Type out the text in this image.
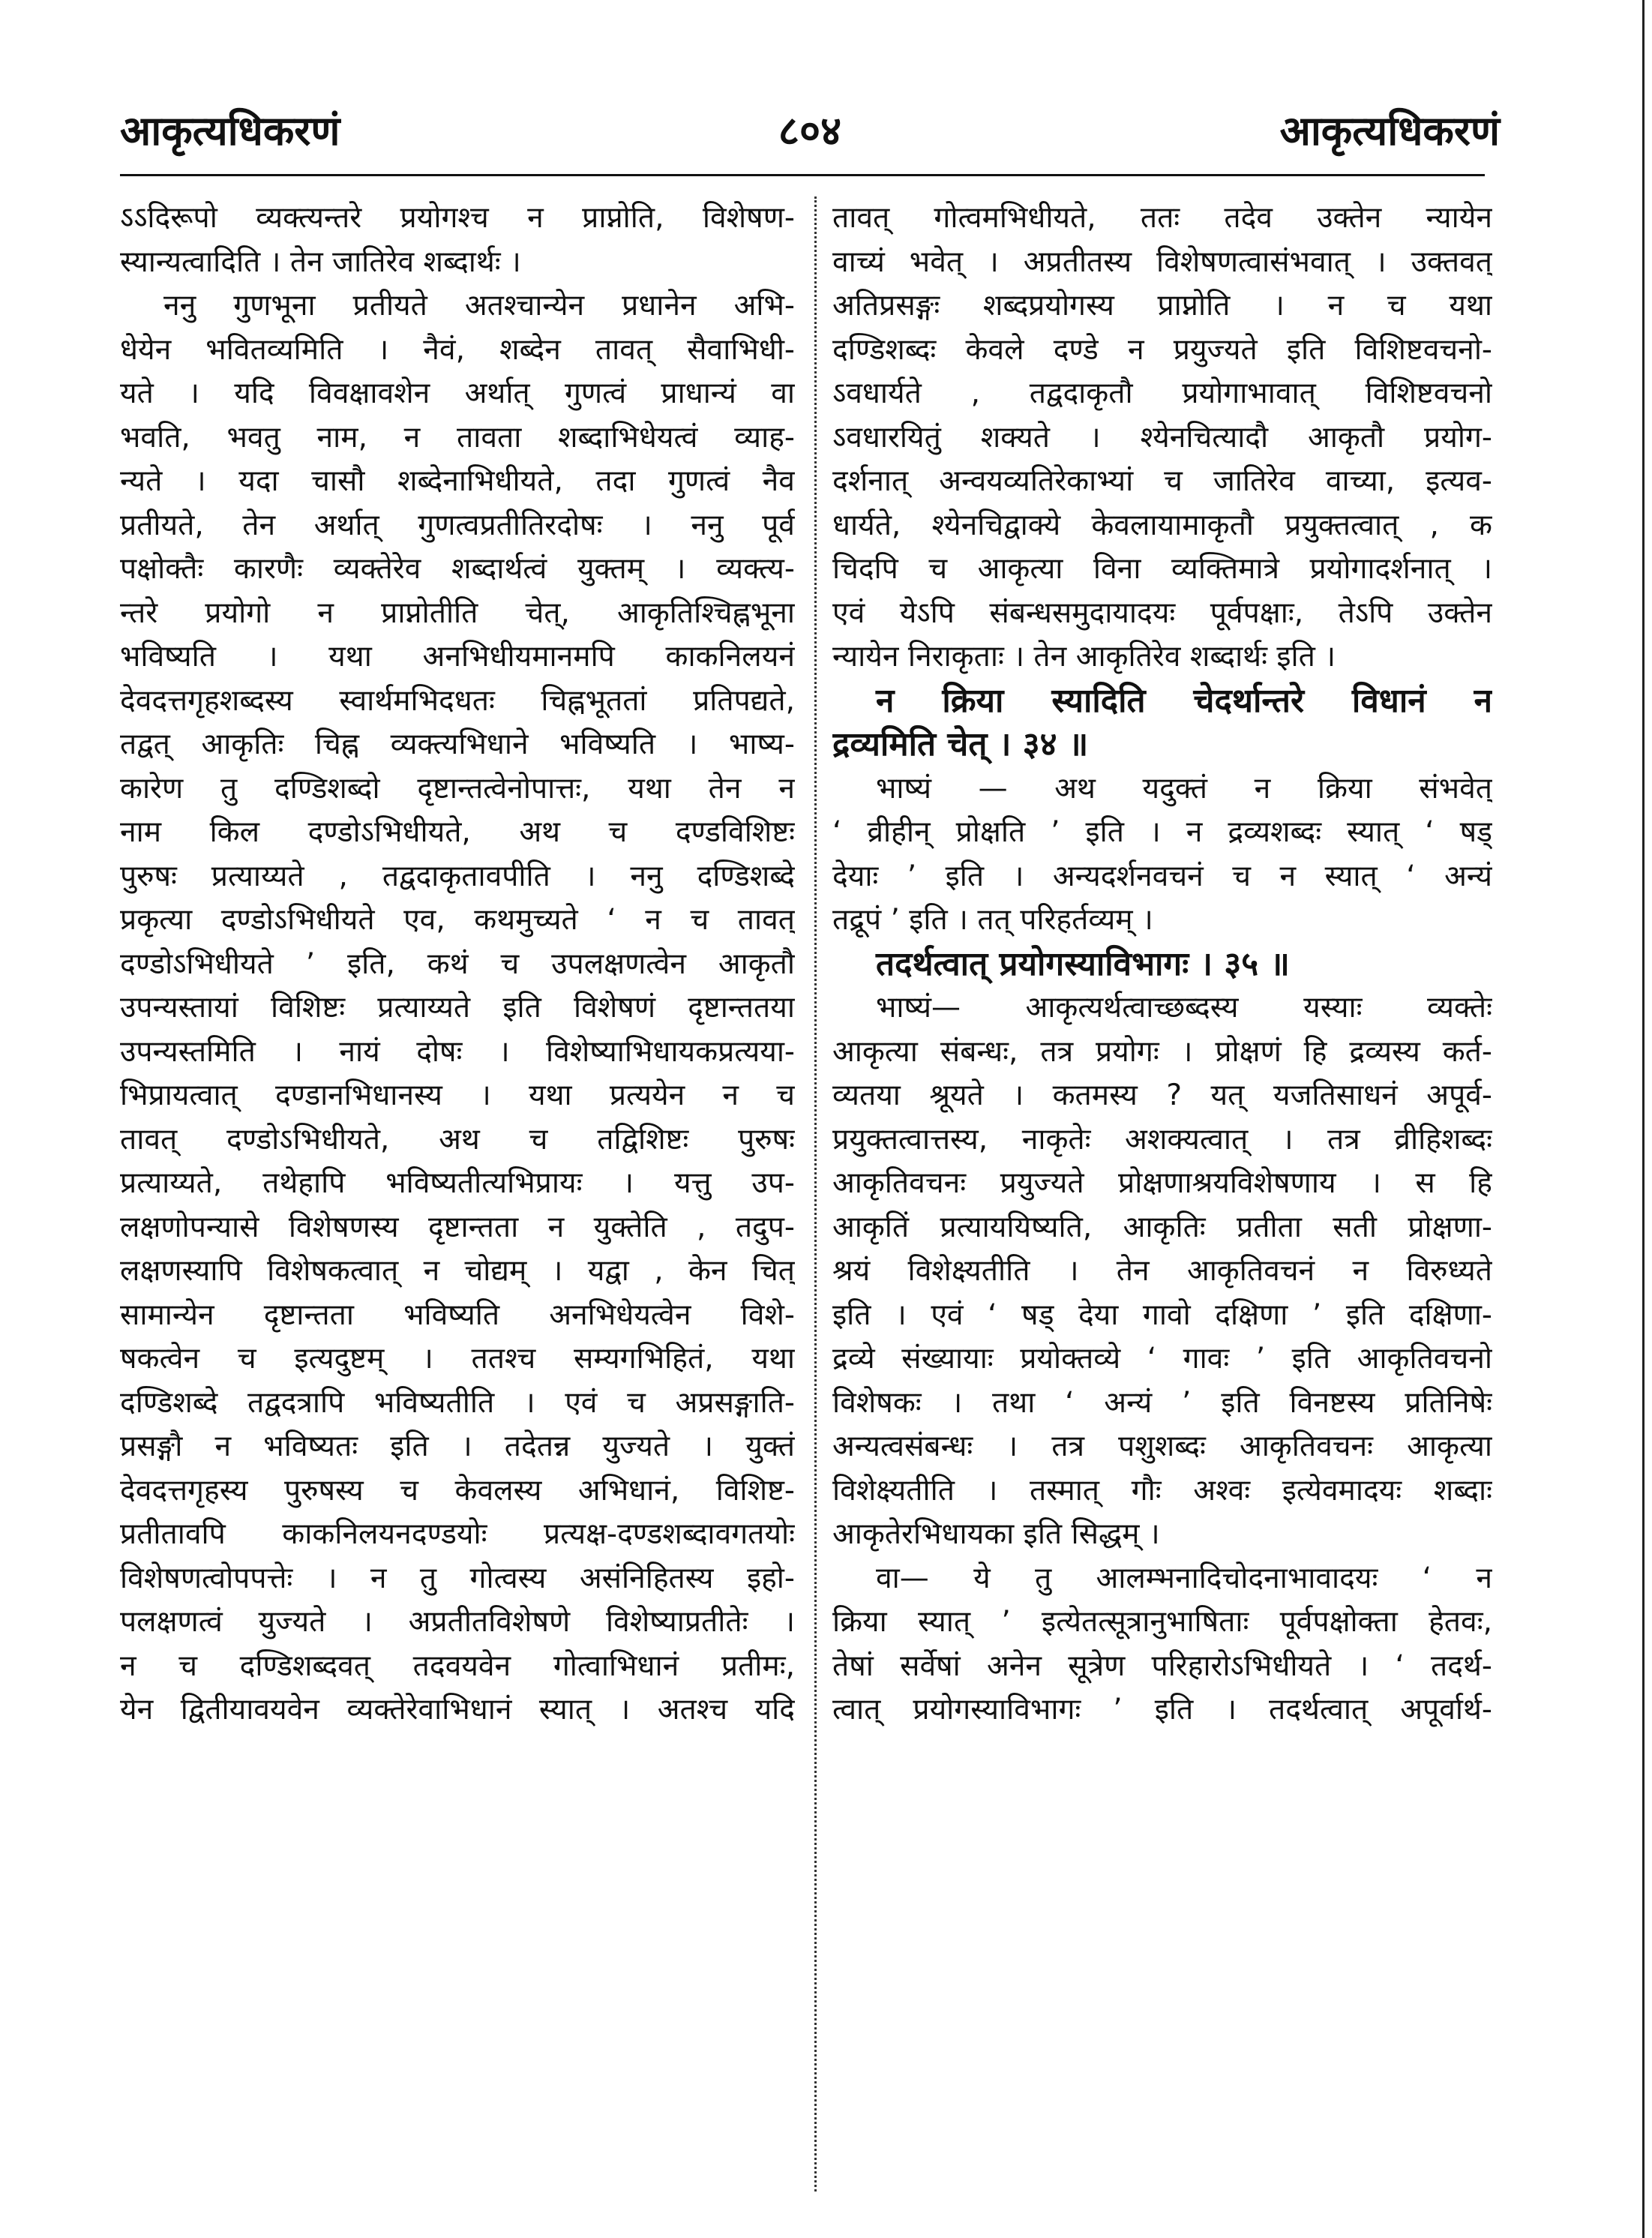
आकृत्यधिकरणं	८०४	आकृत्यधिकरणं
ऽऽदिरूपो व्यक्त्यन्तरे प्रयोगश्च न प्राप्नोति, विशेषण-
स्यान्यत्वादिति । तेन जातिरेव शब्दार्थः ।
ननु गुणभूना प्रतीयते अतश्चान्येन प्रधानेन अभि-
धेयेन भवितव्यमिति । नैवं, शब्देन तावत् सैवाभिधी-
यते । यदि विवक्षावशेन अर्थात् गुणत्वं प्राधान्यं वा
भवति, भवतु नाम, न तावता शब्दाभिधेयत्वं व्याह-
न्यते । यदा चासौ शब्देनाभिधीयते, तदा गुणत्वं नैव
प्रतीयते, तेन अर्थात् गुणत्वप्रतीतिरदोषः । ननु पूर्व
पक्षोक्तैः कारणैः व्यक्तेरेव शब्दार्थत्वं युक्तम् । व्यक्त्य-
न्तरे प्रयोगो न प्राप्नोतीति चेत्, आकृतिश्चिह्नभूना
भविष्यति । यथा अनभिधीयमानमपि काकनिलयनं
देवदत्तगृहशब्दस्य स्वार्थमभिदधतः चिह्नभूततां प्रतिपद्यते,
तद्वत् आकृतिः चिह्न व्यक्त्यभिधाने भविष्यति । भाष्य-
कारेण तु दण्डिशब्दो दृष्टान्तत्वेनोपात्तः, यथा तेन न
नाम किल दण्डोऽभिधीयते, अथ च दण्डविशिष्टः
पुरुषः प्रत्याय्यते , तद्वदाकृतावपीति । ननु दण्डिशब्दे
प्रकृत्या दण्डोऽभिधीयते एव, कथमुच्यते ‘ न च तावत्
दण्डोऽभिधीयते ’ इति, कथं च उपलक्षणत्वेन आकृतौ
उपन्यस्तायां विशिष्टः प्रत्याय्यते इति विशेषणं दृष्टान्ततया
उपन्यस्तमिति । नायं दोषः । विशेष्याभिधायकप्रत्यया-
भिप्रायत्वात् दण्डानभिधानस्य । यथा प्रत्ययेन न च
तावत् दण्डोऽभिधीयते, अथ च तद्विशिष्टः पुरुषः
प्रत्याय्यते, तथेहापि भविष्यतीत्यभिप्रायः । यत्तु उप-
लक्षणोपन्यासे विशेषणस्य दृष्टान्तता न युक्तेति , तदुप-
लक्षणस्यापि विशेषकत्वात् न चोद्यम् । यद्वा , केन चित्
सामान्येन दृष्टान्तता भविष्यति अनभिधेयत्वेन विशे-
षकत्वेन च इत्यदुष्टम् । ततश्च सम्यगभिहितं, यथा
दण्डिशब्दे तद्वदत्रापि भविष्यतीति । एवं च अप्रसङ्गाति-
प्रसङ्गौ न भविष्यतः इति । तदेतन्न युज्यते । युक्तं
देवदत्तगृहस्य पुरुषस्य च केवलस्य अभिधानं, विशिष्ट-
प्रतीतावपि काकनिलयनदण्डयोः प्रत्यक्ष-दण्डशब्दावगतयोः
विशेषणत्वोपपत्तेः । न तु गोत्वस्य असंनिहितस्य इहो-
पलक्षणत्वं युज्यते । अप्रतीतविशेषणे विशेष्याप्रतीतेः ।
न च दण्डिशब्दवत् तदवयवेन गोत्वाभिधानं प्रतीमः,
येन द्वितीयावयवेन व्यक्तेरेवाभिधानं स्यात् । अतश्च यदि
तावत् गोत्वमभिधीयते, ततः तदेव उक्तेन न्यायेन
वाच्यं भवेत् । अप्रतीतस्य विशेषणत्वासंभवात् । उक्तवत्
अतिप्रसङ्गः शब्दप्रयोगस्य प्राप्नोति । न च यथा
दण्डिशब्दः केवले दण्डे न प्रयुज्यते इति विशिष्टवचनो-
ऽवधार्यते , तद्वदाकृतौ प्रयोगाभावात् विशिष्टवचनो
ऽवधारयितुं शक्यते । श्येनचित्यादौ आकृतौ प्रयोग-
दर्शनात् अन्वयव्यतिरेकाभ्यां च जातिरेव वाच्या, इत्यव-
धार्यते, श्येनचिद्वाक्ये केवलायामाकृतौ प्रयुक्तत्वात् , क
चिदपि च आकृत्या विना व्यक्तिमात्रे प्रयोगादर्शनात् ।
एवं येऽपि संबन्धसमुदायादयः पूर्वपक्षाः, तेऽपि उक्तेन
न्यायेन निराकृताः । तेन आकृतिरेव शब्दार्थः इति ।
न क्रिया स्यादिति चेदर्थान्तरे विधानं न
द्रव्यमिति चेत् । ३४ ॥
भाष्यं — अथ यदुक्तं न क्रिया संभवेत्
‘ व्रीहीन् प्रोक्षति ’ इति । न द्रव्यशब्दः स्यात् ‘ षड्
देयाः ’ इति । अन्यदर्शनवचनं च न स्यात् ‘ अन्यं
तद्रूपं ’ इति । तत् परिहर्तव्यम् ।
तदर्थत्वात् प्रयोगस्याविभागः । ३५ ॥
भाष्यं— आकृत्यर्थत्वाच्छब्दस्य यस्याः व्यक्तेः
आकृत्या संबन्धः, तत्र प्रयोगः । प्रोक्षणं हि द्रव्यस्य कर्त-
व्यतया श्रूयते । कतमस्य ? यत् यजतिसाधनं अपूर्व-
प्रयुक्तत्वात्तस्य, नाकृतेः अशक्यत्वात् । तत्र व्रीहिशब्दः
आकृतिवचनः प्रयुज्यते प्रोक्षणाश्रयविशेषणाय । स हि
आकृतिं प्रत्याययिष्यति, आकृतिः प्रतीता सती प्रोक्षणा-
श्रयं विशेक्ष्यतीति । तेन आकृतिवचनं न विरुध्यते
इति । एवं ‘ षड् देया गावो दक्षिणा ’ इति दक्षिणा-
द्रव्ये संख्यायाः प्रयोक्तव्ये ‘ गावः ’ इति आकृतिवचनो
विशेषकः । तथा ‘ अन्यं ’ इति विनष्टस्य प्रतिनिषेः
अन्यत्वसंबन्धः । तत्र पशुशब्दः आकृतिवचनः आकृत्या
विशेक्ष्यतीति । तस्मात् गौः अश्वः इत्येवमादयः शब्दाः
आकृतेरभिधायका इति सिद्धम् ।
वा— ये तु आलम्भनादिचोदनाभावादयः ‘ न
क्रिया स्यात् ’ इत्येतत्सूत्रानुभाषिताः पूर्वपक्षोक्ता हेतवः,
तेषां सर्वेषां अनेन सूत्रेण परिहारोऽभिधीयते । ‘ तदर्थ-
त्वात् प्रयोगस्याविभागः ’ इति । तदर्थत्वात् अपूर्वार्थ-
